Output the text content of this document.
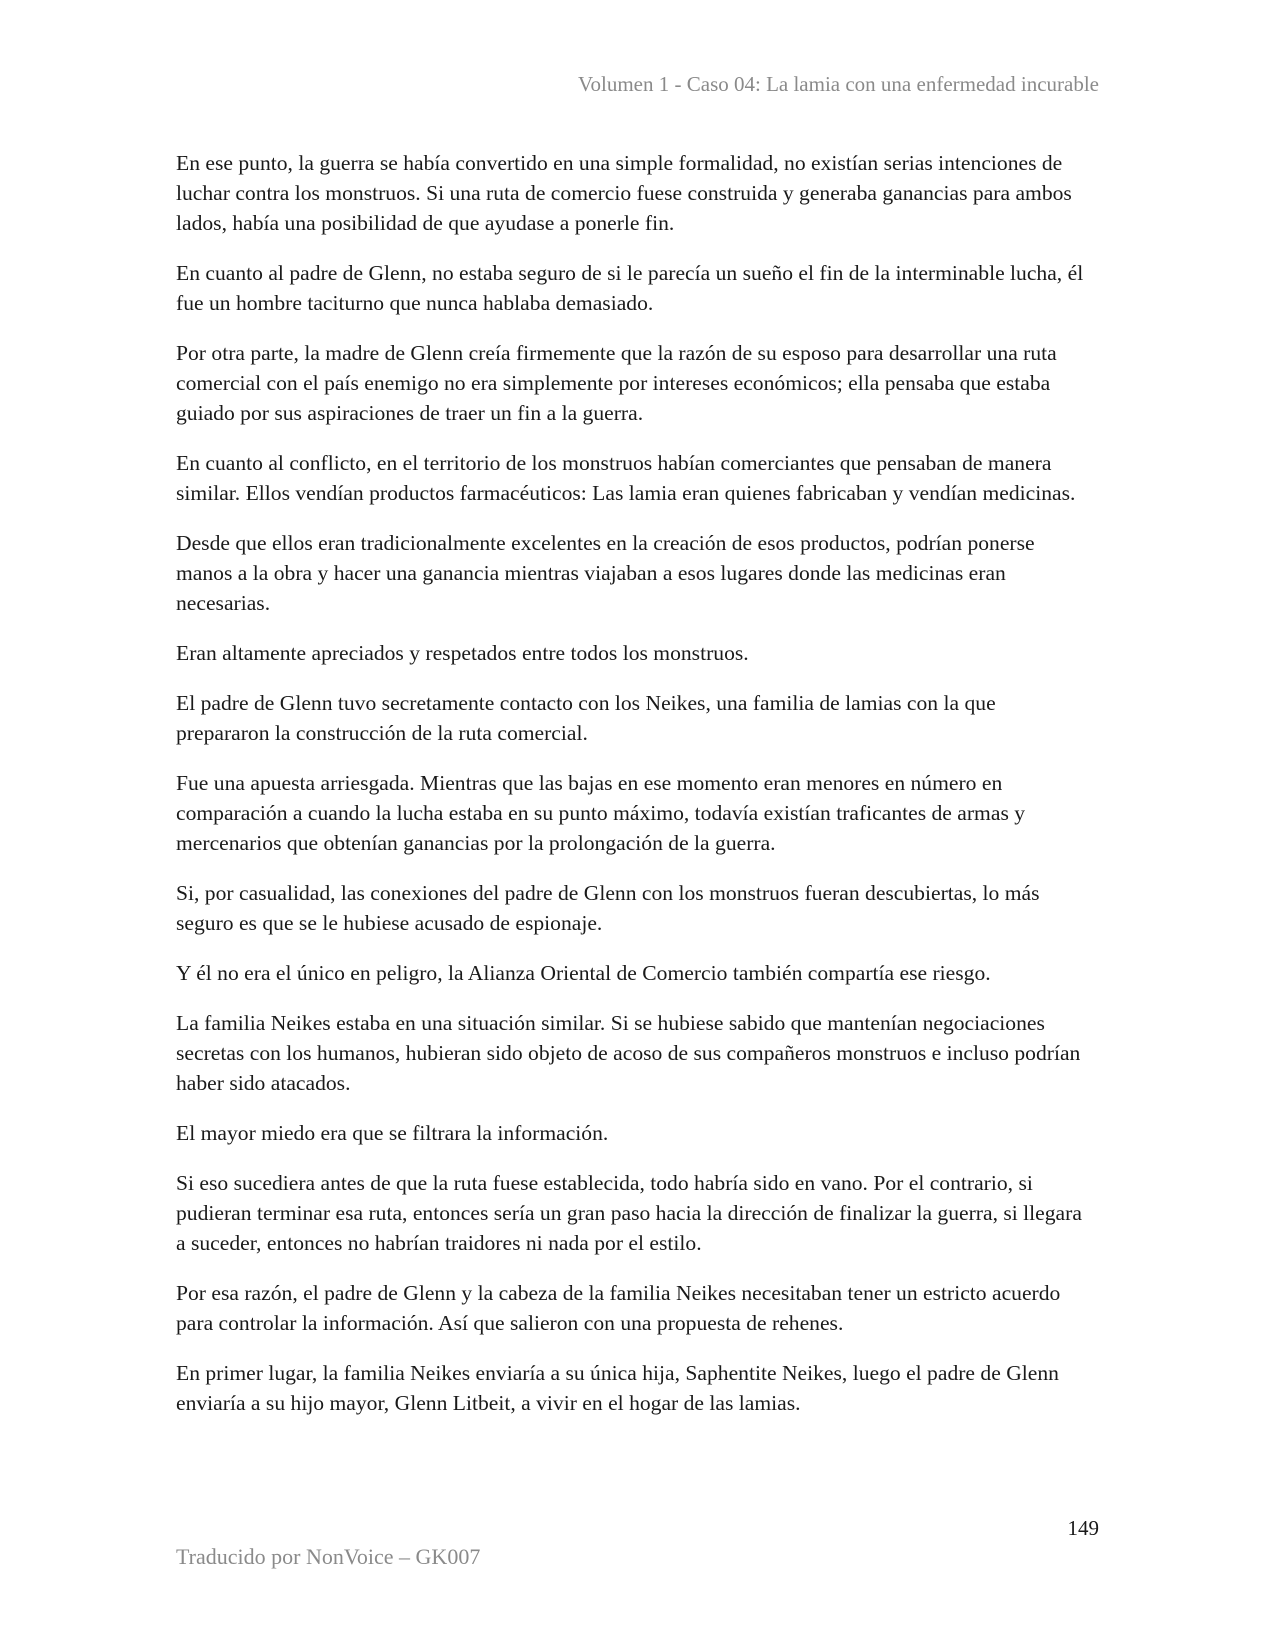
Volumen 1 - Caso 04: La lamia con una enfermedad incurable

En ese punto, la guerra se había convertido en una simple formalidad, no existían serias intenciones de luchar contra los monstruos. Si una ruta de comercio fuese construida y generaba ganancias para ambos lados, había una posibilidad de que ayudase a ponerle fin.

En cuanto al padre de Glenn, no estaba seguro de si le parecía un sueño el fin de la interminable lucha, él fue un hombre taciturno que nunca hablaba demasiado.

Por otra parte, la madre de Glenn creía firmemente que la razón de su esposo para desarrollar una ruta comercial con el país enemigo no era simplemente por intereses económicos; ella pensaba que estaba guiado por sus aspiraciones de traer un fin a la guerra.

En cuanto al conflicto, en el territorio de los monstruos habían comerciantes que pensaban de manera similar. Ellos vendían productos farmacéuticos: Las lamia eran quienes fabricaban y vendían medicinas.

Desde que ellos eran tradicionalmente excelentes en la creación de esos productos, podrían ponerse manos a la obra y hacer una ganancia mientras viajaban a esos lugares donde las medicinas eran necesarias.

Eran altamente apreciados y respetados entre todos los monstruos.

El padre de Glenn tuvo secretamente contacto con los Neikes, una familia de lamias con la que prepararon la construcción de la ruta comercial.

Fue una apuesta arriesgada. Mientras que las bajas en ese momento eran menores en número en comparación a cuando la lucha estaba en su punto máximo, todavía existían traficantes de armas y mercenarios que obtenían ganancias por la prolongación de la guerra.

Si, por casualidad, las conexiones del padre de Glenn con los monstruos fueran descubiertas, lo más seguro es que se le hubiese acusado de espionaje.

Y él no era el único en peligro, la Alianza Oriental de Comercio también compartía ese riesgo.

La familia Neikes estaba en una situación similar. Si se hubiese sabido que mantenían negociaciones secretas con los humanos, hubieran sido objeto de acoso de sus compañeros monstruos e incluso podrían haber sido atacados.

El mayor miedo era que se filtrara la información.

Si eso sucediera antes de que la ruta fuese establecida, todo habría sido en vano. Por el contrario, si pudieran terminar esa ruta, entonces sería un gran paso hacia la dirección de finalizar la guerra, si llegara a suceder, entonces no habrían traidores ni nada por el estilo.

Por esa razón, el padre de Glenn y la cabeza de la familia Neikes necesitaban tener un estricto acuerdo para controlar la información. Así que salieron con una propuesta de rehenes.

En primer lugar, la familia Neikes enviaría a su única hija, Saphentite Neikes, luego el padre de Glenn enviaría a su hijo mayor, Glenn Litbeit, a vivir en el hogar de las lamias.

149
Traducido por NonVoice – GK007
